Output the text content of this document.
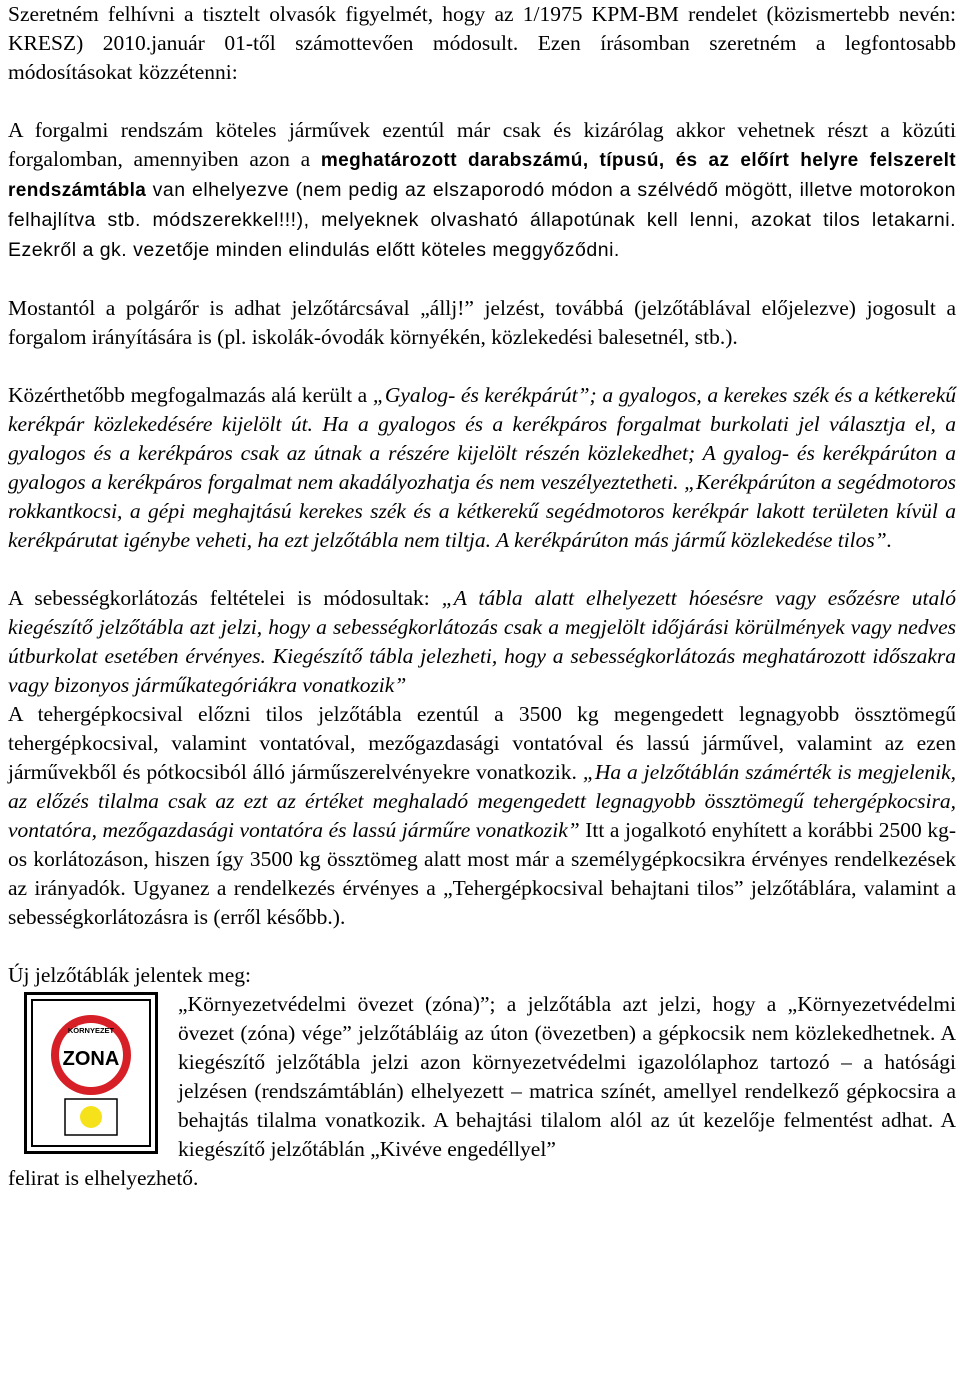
Szeretném felhívni a tisztelt olvasók figyelmét, hogy az 1/1975 KPM-BM rendelet (közismertebb nevén: KRESZ) 2010.január 01-től számottevően módosult. Ezen írásomban szeretném a legfontosabb módosításokat közzétenni:

A forgalmi rendszám köteles járművek ezentúl már csak és kizárólag akkor vehetnek részt a közúti forgalomban, amennyiben azon a meghatározott darabszámú, típusú, és az előírt helyre felszerelt rendszámtábla van elhelyezve (nem pedig az elszaporodó módon a szélvédő mögött, illetve motorokon felhajlítva stb. módszerekkel!!!), melyeknek olvasható állapotúnak kell lenni, azokat tilos letakarni. Ezekről a gk. vezetője minden elindulás előtt köteles meggyőződni.

Mostantól a polgárőr is adhat jelzőtárcsával „állj!” jelzést, továbbá (jelzőtáblával előjelezve) jogosult a forgalom irányítására is (pl. iskolák-óvodák környékén, közlekedési balesetnél, stb.).

Közérthetőbb megfogalmazás alá került a „Gyalog- és kerékpárút”; a gyalogos, a kerekes szék és a kétkerekű kerékpár közlekedésére kijelölt út. Ha a gyalogos és a kerékpáros forgalmat burkolati jel választja el, a gyalogos és a kerékpáros csak az útnak a részére kijelölt részén közlekedhet; A gyalog- és kerékpárúton a gyalogos a kerékpáros forgalmat nem akadályozhatja és nem veszélyeztetheti. „Kerékpárúton a segédmotoros rokkantkocsi, a gépi meghajtású kerekes szék és a kétkerekű segédmotoros kerékpár lakott területen kívül a kerékpárutat igénybe veheti, ha ezt jelzőtábla nem tiltja. A kerékpárúton más jármű közlekedése tilos”.

A sebességkorlátozás feltételei is módosultak: „A tábla alatt elhelyezett hóesésre vagy esőzésre utaló kiegészítő jelzőtábla azt jelzi, hogy a sebességkorlátozás csak a megjelölt időjárási körülmények vagy nedves útburkolat esetében érvényes. Kiegészítő tábla jelezheti, hogy a sebességkorlátozás meghatározott időszakra vagy bizonyos járműkategóriákra vonatkozik”

A tehergépkocsival előzni tilos jelzőtábla ezentúl a 3500 kg megengedett legnagyobb össztömegű tehergépkocsival, valamint vontatóval, mezőgazdasági vontatóval és lassú járművel, valamint az ezen járművekből és pótkocsiból álló járműszerelvényekre vonatkozik. „Ha a jelzőtáblán számérték is megjelenik, az előzés tilalma csak az ezt az értéket meghaladó megengedett legnagyobb össztömegű tehergépkocsira, vontatóra, mezőgazdasági vontatóra és lassú járműre vonatkozik” Itt a jogalkotó enyhített a korábbi 2500 kg-os korlátozáson, hiszen így 3500 kg össztömeg alatt most már a személygépkocsikra érvényes rendelkezések az irányadók. Ugyanez a rendelkezés érvényes a „Tehergépkocsival behajtani tilos” jelzőtáblára, valamint a sebességkorlátozásra is (erről később.).

Új jelzőtáblák jelentek meg:

KÖRNYEZET
ZONA

„Környezetvédelmi övezet (zóna)”; a jelzőtábla azt jelzi, hogy a „Környezetvédelmi övezet (zóna) vége” jelzőtábláig az úton (övezetben) a gépkocsik nem közlekedhetnek. A kiegészítő jelzőtábla jelzi azon környezetvédelmi igazolólaphoz tartozó – a hatósági jelzésen (rendszámtáblán) elhelyezett – matrica színét, amellyel rendelkező gépkocsira a behajtás tilalma vonatkozik. A behajtási tilalom alól az út kezelője felmentést adhat. A kiegészítő jelzőtáblán „Kivéve engedéllyel”

felirat is elhelyezhető.
